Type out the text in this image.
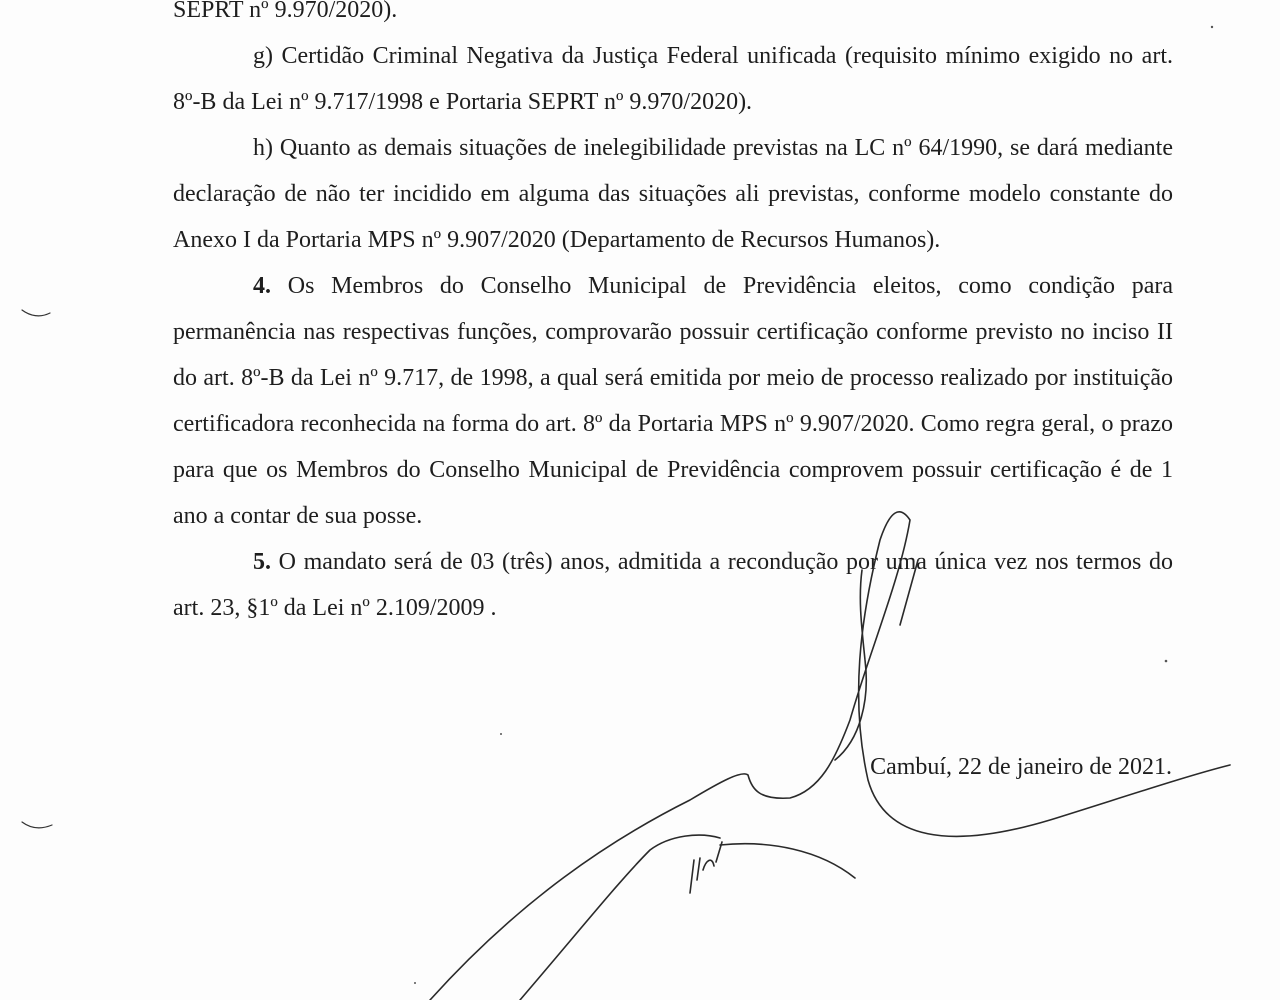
SEPRT nº 9.970/2020).

g) Certidão Criminal Negativa da Justiça Federal unificada (requisito mínimo exigido no art. 8º-B da Lei nº 9.717/1998 e Portaria SEPRT nº 9.970/2020).

h) Quanto as demais situações de inelegibilidade previstas na LC nº 64/1990, se dará mediante declaração de não ter incidido em alguma das situações ali previstas, conforme modelo constante do Anexo I da Portaria MPS nº 9.907/2020 (Departamento de Recursos Humanos).

4. Os Membros do Conselho Municipal de Previdência eleitos, como condição para permanência nas respectivas funções, comprovarão possuir certificação conforme previsto no inciso II do art. 8º-B da Lei nº 9.717, de 1998, a qual será emitida por meio de processo realizado por instituição certificadora reconhecida na forma do art. 8º da Portaria MPS nº 9.907/2020. Como regra geral, o prazo para que os Membros do Conselho Municipal de Previdência comprovem possuir certificação é de 1 ano a contar de sua posse.

5. O mandato será de 03 (três) anos, admitida a recondução por uma única vez nos termos do art. 23, §1º da Lei nº 2.109/2009 .

Cambuí, 22 de janeiro de 2021.
